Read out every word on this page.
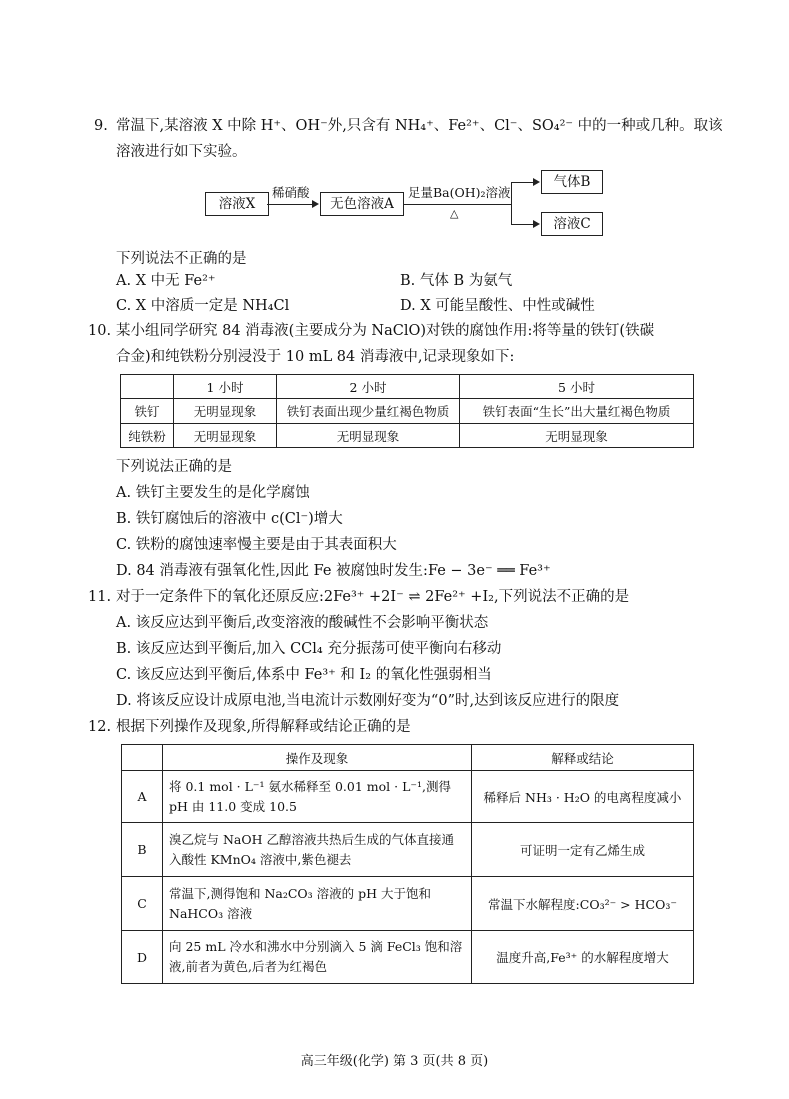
9. 常温下,某溶液 X 中除 H⁺、OH⁻外,只含有 NH₄⁺、Fe²⁺、Cl⁻、SO₄²⁻ 中的一种或几种。取该
溶液进行如下实验。
溶液X
稀硝酸
无色溶液A
足量Ba(OH)₂溶液
△
气体B
溶液C
下列说法不正确的是
A. X 中无 Fe²⁺	B. 气体 B 为氨气
C. X 中溶质一定是 NH₄Cl	D. X 可能呈酸性、中性或碱性
10. 某小组同学研究 84 消毒液(主要成分为 NaClO)对铁的腐蚀作用:将等量的铁钉(铁碳
合金)和纯铁粉分别浸没于 10 mL 84 消毒液中,记录现象如下:
	1 小时	2 小时	5 小时
铁钉	无明显现象	铁钉表面出现少量红褐色物质	铁钉表面“生长”出大量红褐色物质
纯铁粉	无明显现象	无明显现象	无明显现象
下列说法正确的是
A. 铁钉主要发生的是化学腐蚀
B. 铁钉腐蚀后的溶液中 c(Cl⁻)增大
C. 铁粉的腐蚀速率慢主要是由于其表面积大
D. 84 消毒液有强氧化性,因此 Fe 被腐蚀时发生:Fe − 3e⁻ ══ Fe³⁺
11. 对于一定条件下的氧化还原反应:2Fe³⁺ +2I⁻ ⇌ 2Fe²⁺ +I₂,下列说法不正确的是
A. 该反应达到平衡后,改变溶液的酸碱性不会影响平衡状态
B. 该反应达到平衡后,加入 CCl₄ 充分振荡可使平衡向右移动
C. 该反应达到平衡后,体系中 Fe³⁺ 和 I₂ 的氧化性强弱相当
D. 将该反应设计成原电池,当电流计示数刚好变为“0”时,达到该反应进行的限度
12. 根据下列操作及现象,所得解释或结论正确的是
	操作及现象	解释或结论
A	将 0.1 mol · L⁻¹ 氨水稀释至 0.01 mol · L⁻¹,测得 pH 由 11.0 变成 10.5	稀释后 NH₃ · H₂O 的电离程度减小
B	溴乙烷与 NaOH 乙醇溶液共热后生成的气体直接通入酸性 KMnO₄ 溶液中,紫色褪去	可证明一定有乙烯生成
C	常温下,测得饱和 Na₂CO₃ 溶液的 pH 大于饱和 NaHCO₃ 溶液	常温下水解程度:CO₃²⁻ > HCO₃⁻
D	向 25 mL 冷水和沸水中分别滴入 5 滴 FeCl₃ 饱和溶液,前者为黄色,后者为红褐色	温度升高,Fe³⁺ 的水解程度增大
高三年级(化学) 第 3 页(共 8 页)
